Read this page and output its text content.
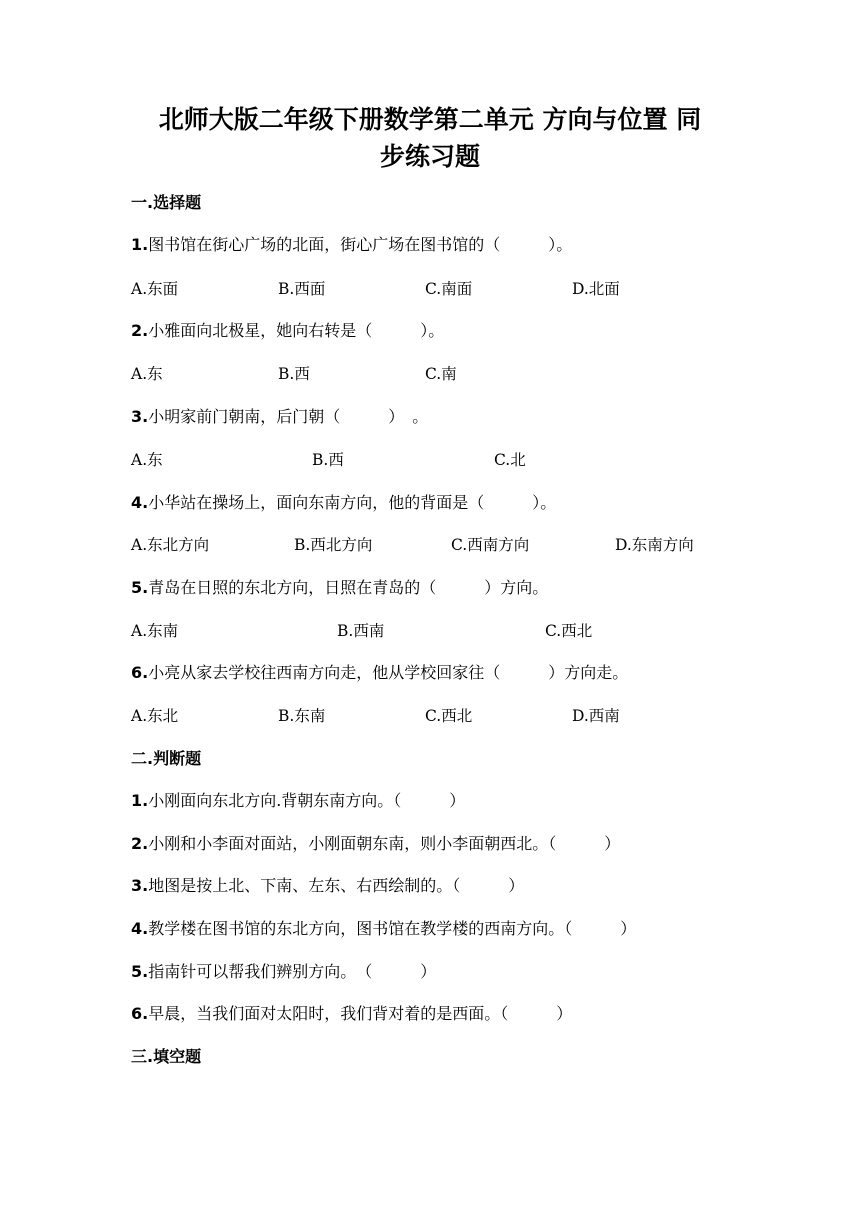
北师大版二年级下册数学第二单元 方向与位置 同
步练习题
一.选择题
1.图书馆在街心广场的北面，街心广场在图书馆的（　　　）。
A.东面	B.西面	C.南面	D.北面
2.小雅面向北极星，她向右转是（　　　）。
A.东	B.西	C.南
3.小明家前门朝南，后门朝（　　　）　。
A.东	B.西	C.北
4.小华站在操场上，面向东南方向，他的背面是（　　　）。
A.东北方向	B.西北方向	C.西南方向	D.东南方向
5.青岛在日照的东北方向，日照在青岛的（　　　）方向。
A.东南	B.西南	C.西北
6.小亮从家去学校往西南方向走，他从学校回家往（　　　）方向走。
A.东北	B.东南	C.西北	D.西南
二.判断题
1.小刚面向东北方向.背朝东南方向。（　　　）
2.小刚和小李面对面站，小刚面朝东南，则小李面朝西北。（　　　）
3.地图是按上北、下南、左东、右西绘制的。（　　　）
4.教学楼在图书馆的东北方向，图书馆在教学楼的西南方向。（　　　）
5.指南针可以帮我们辨别方向。　（　　　）
6.早晨，当我们面对太阳时，我们背对着的是西面。（　　　）
三.填空题
